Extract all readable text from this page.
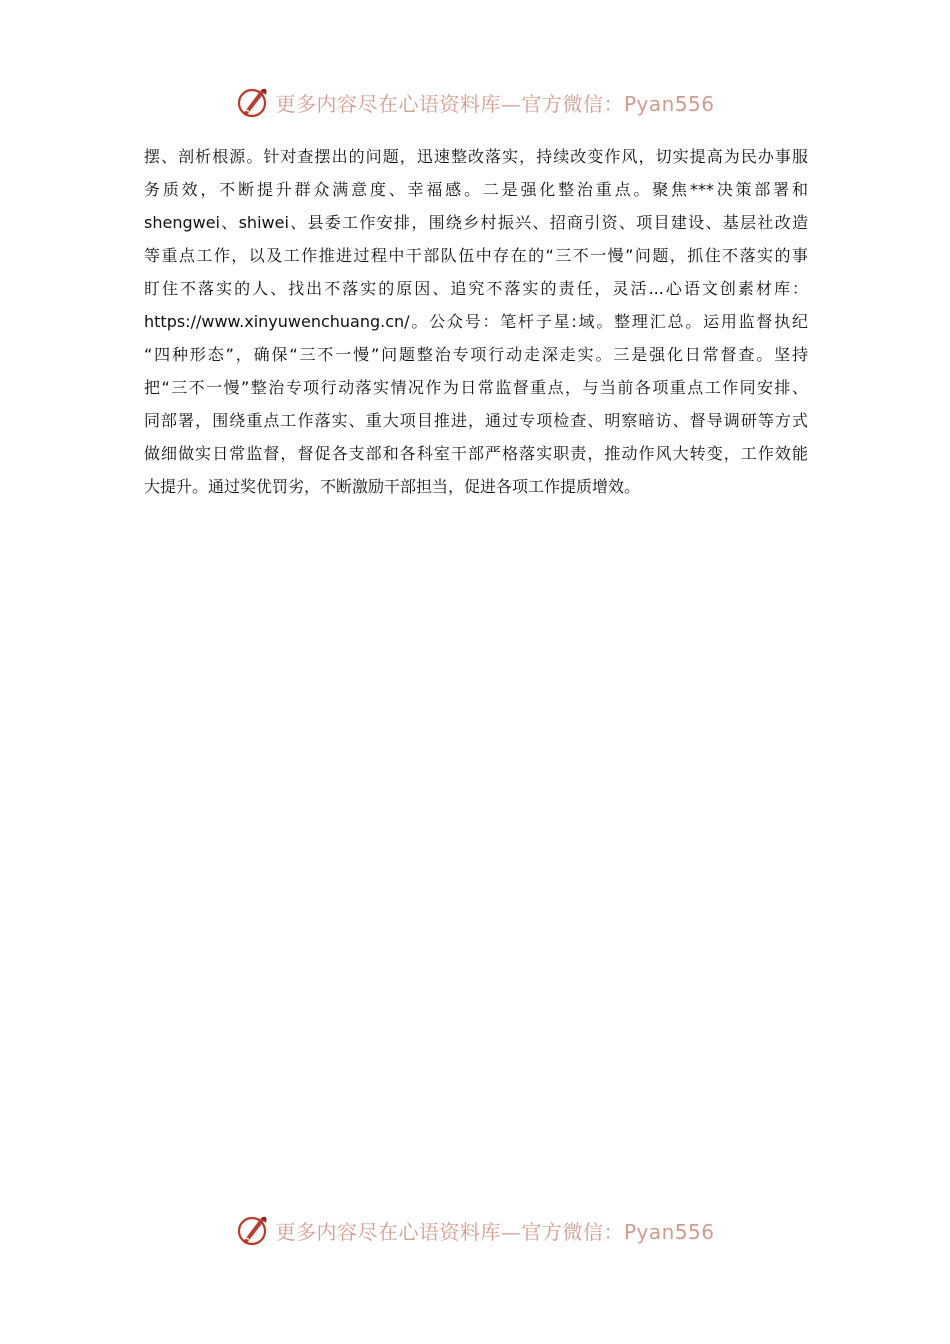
更多内容尽在心语资料库—官方微信：Pyan556
摆、剖析根源。针对查摆出的问题，迅速整改落实，持续改变作风，切实提高为民办事服
务质效，不断提升群众满意度、幸福感。二是强化整治重点。聚焦***决策部署和
shengwei、shiwei、县委工作安排，围绕乡村振兴、招商引资、项目建设、基层社改造
等重点工作，以及工作推进过程中干部队伍中存在的“三不一慢”问题，抓住不落实的事
盯住不落实的人、找出不落实的原因、追究不落实的责任，灵活...心语文创素材库：
https://www.xinyuwenchuang.cn/。公众号：笔杆子星:域。整理汇总。运用监督执纪
“四种形态”，确保“三不一慢”问题整治专项行动走深走实。三是强化日常督查。坚持
把“三不一慢”整治专项行动落实情况作为日常监督重点，与当前各项重点工作同安排、
同部署，围绕重点工作落实、重大项目推进，通过专项检查、明察暗访、督导调研等方式
做细做实日常监督，督促各支部和各科室干部严格落实职责，推动作风大转变，工作效能
大提升。通过奖优罚劣，不断激励干部担当，促进各项工作提质增效。
更多内容尽在心语资料库—官方微信：Pyan556
